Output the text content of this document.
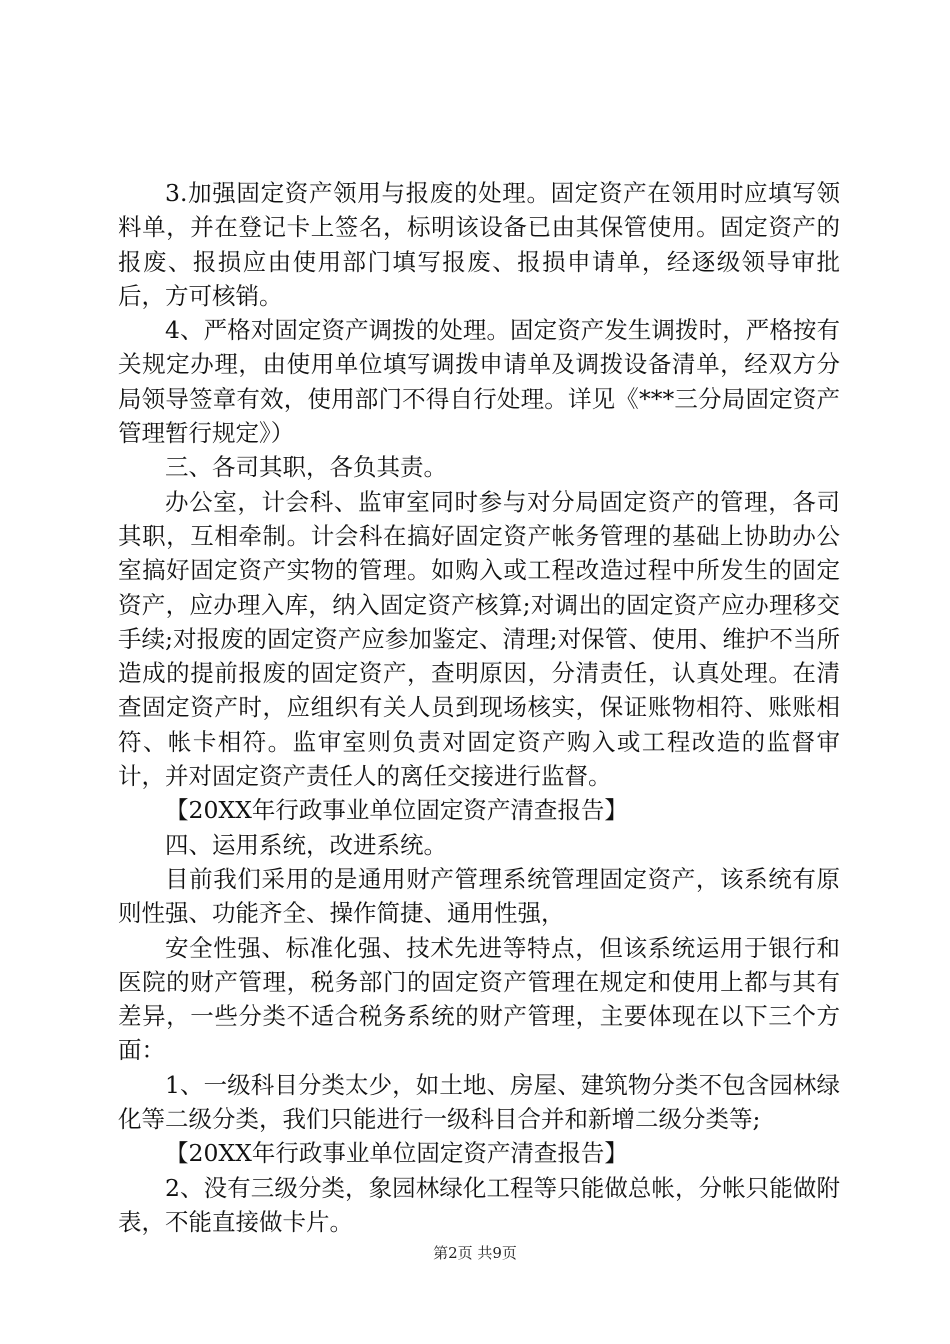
3.加强固定资产领用与报废的处理。固定资产在领用时应填写领料单，并在登记卡上签名，标明该设备已由其保管使用。固定资产的报废、报损应由使用部门填写报废、报损申请单，经逐级领导审批后，方可核销。

4、严格对固定资产调拨的处理。固定资产发生调拨时，严格按有关规定办理，由使用单位填写调拨申请单及调拨设备清单，经双方分局领导签章有效，使用部门不得自行处理。详见《***三分局固定资产管理暂行规定》）

三、各司其职，各负其责。

办公室，计会科、监审室同时参与对分局固定资产的管理，各司其职，互相牵制。计会科在搞好固定资产帐务管理的基础上协助办公室搞好固定资产实物的管理。如购入或工程改造过程中所发生的固定资产，应办理入库，纳入固定资产核算;对调出的固定资产应办理移交手续;对报废的固定资产应参加鉴定、清理;对保管、使用、维护不当所造成的提前报废的固定资产，查明原因，分清责任，认真处理。在清查固定资产时，应组织有关人员到现场核实，保证账物相符、账账相符、帐卡相符。监审室则负责对固定资产购入或工程改造的监督审计，并对固定资产责任人的离任交接进行监督。

【20XX年行政事业单位固定资产清查报告】

四、运用系统，改进系统。

目前我们采用的是通用财产管理系统管理固定资产，该系统有原则性强、功能齐全、操作简捷、通用性强，

安全性强、标准化强、技术先进等特点，但该系统运用于银行和医院的财产管理，税务部门的固定资产管理在规定和使用上都与其有差异，一些分类不适合税务系统的财产管理，主要体现在以下三个方面：

1、一级科目分类太少，如土地、房屋、建筑物分类不包含园林绿化等二级分类，我们只能进行一级科目合并和新增二级分类等;

【20XX年行政事业单位固定资产清查报告】

2、没有三级分类，象园林绿化工程等只能做总帐，分帐只能做附表，不能直接做卡片。

第2页 共9页
